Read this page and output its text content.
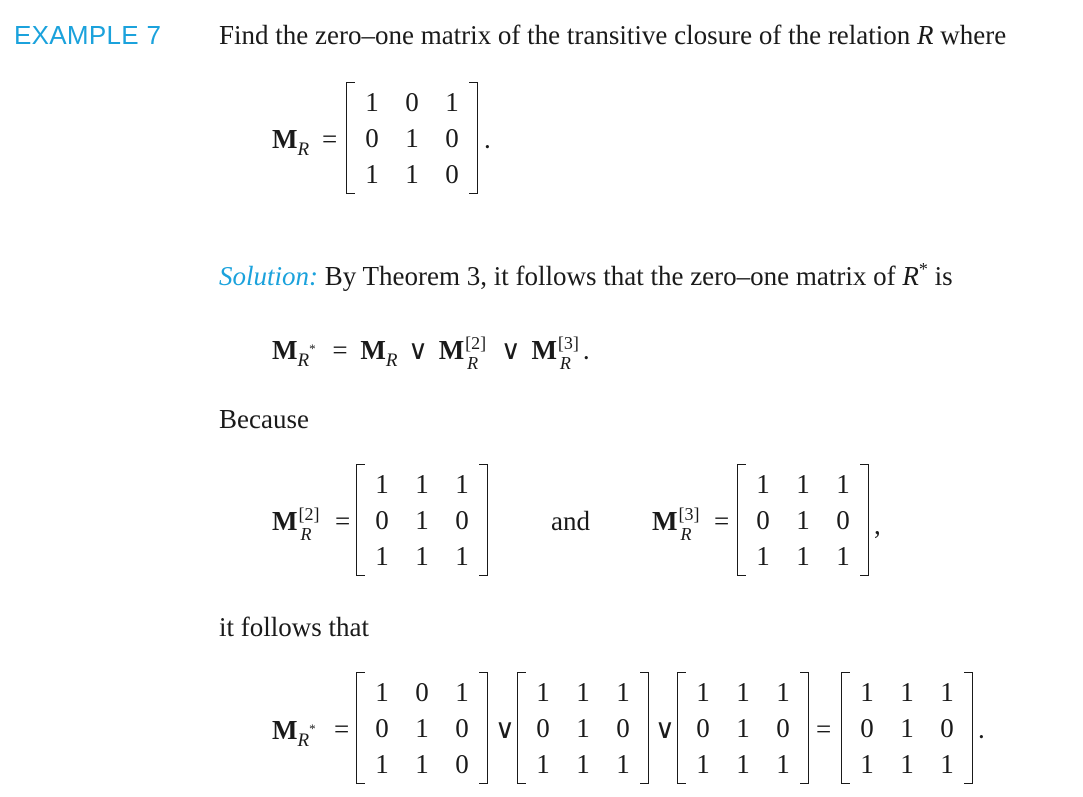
EXAMPLE 7 Find the zero–one matrix of the transitive closure of the relation R where
$M_R$ =
1 0 1
0 1 0
1 1 0
.
Solution: By Theorem 3, it follows that the zero–one matrix of R* is
$M_R^* = M_R$ ∨ M [2]
R ∨ M [3]
R .
Because
M [2]
R =
1 1 1
0 1 0
1 1 1
and M [3]
R =
1 1 1
0 1 0
1 1 1
,
it follows that
$M_R^*$ =
1 0 1
0 1 0
1 1 0
∨
1 1 1
0 1 0
1 1 1
∨
1 1 1
0 1 0
1 1 1
=
1 1 1
0 1 0
1 1 1
.
